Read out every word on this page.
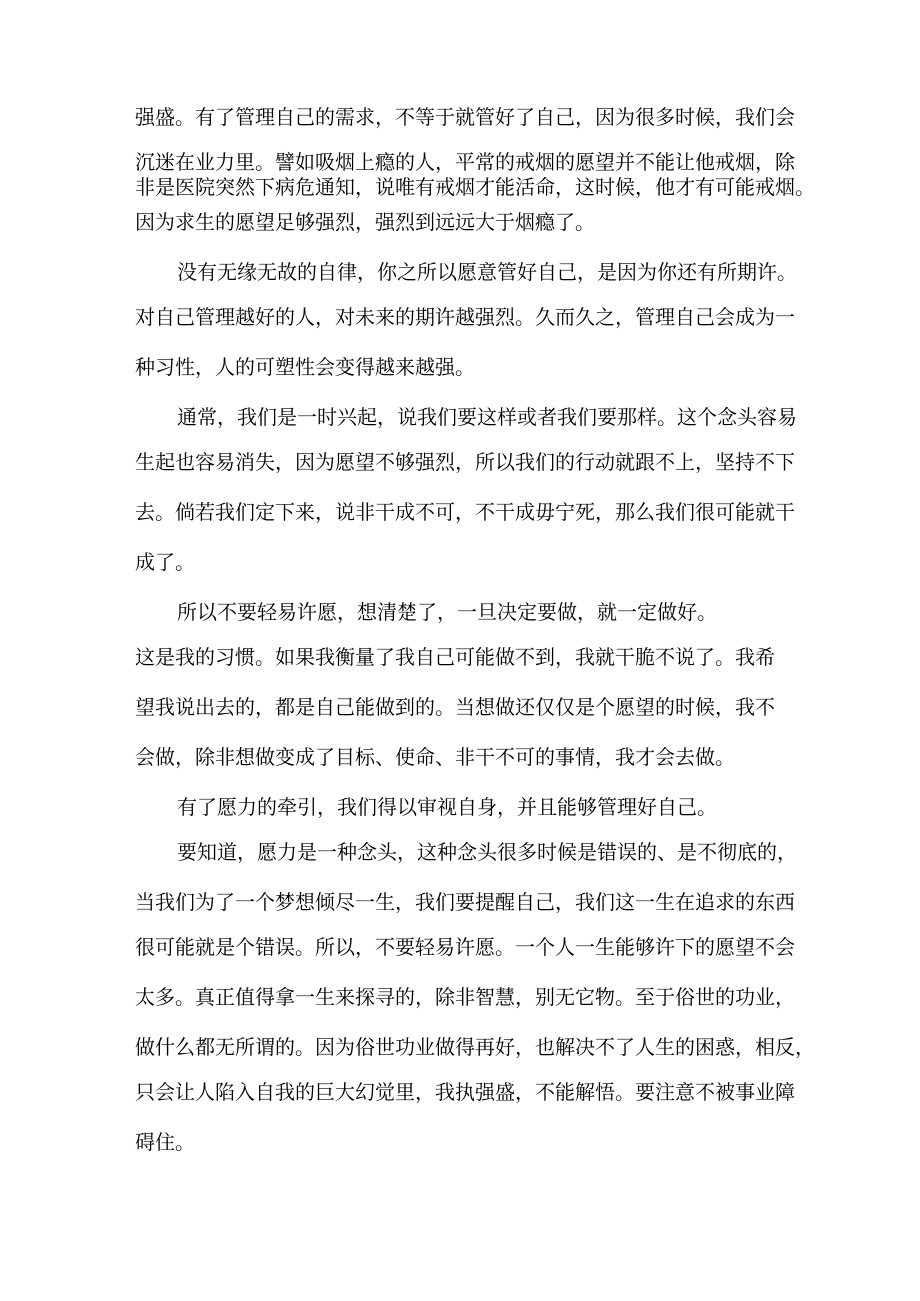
强盛。有了管理自己的需求，不等于就管好了自己，因为很多时候，我们会
沉迷在业力里。譬如吸烟上瘾的人，平常的戒烟的愿望并不能让他戒烟，除
非是医院突然下病危通知，说唯有戒烟才能活命，这时候，他才有可能戒烟。
因为求生的愿望足够强烈，强烈到远远大于烟瘾了。
没有无缘无故的自律，你之所以愿意管好自己，是因为你还有所期许。
对自己管理越好的人，对未来的期许越强烈。久而久之，管理自己会成为一
种习性，人的可塑性会变得越来越强。
通常，我们是一时兴起，说我们要这样或者我们要那样。这个念头容易
生起也容易消失，因为愿望不够强烈，所以我们的行动就跟不上，坚持不下
去。倘若我们定下来，说非干成不可，不干成毋宁死，那么我们很可能就干
成了。
所以不要轻易许愿，想清楚了，一旦决定要做，就一定做好。
这是我的习惯。如果我衡量了我自己可能做不到，我就干脆不说了。我希
望我说出去的，都是自己能做到的。当想做还仅仅是个愿望的时候，我不
会做，除非想做变成了目标、使命、非干不可的事情，我才会去做。
有了愿力的牵引，我们得以审视自身，并且能够管理好自己。
要知道，愿力是一种念头，这种念头很多时候是错误的、是不彻底的，
当我们为了一个梦想倾尽一生，我们要提醒自己，我们这一生在追求的东西
很可能就是个错误。所以，不要轻易许愿。一个人一生能够许下的愿望不会
太多。真正值得拿一生来探寻的，除非智慧，别无它物。至于俗世的功业，
做什么都无所谓的。因为俗世功业做得再好，也解决不了人生的困惑，相反，
只会让人陷入自我的巨大幻觉里，我执强盛，不能解悟。要注意不被事业障
碍住。
